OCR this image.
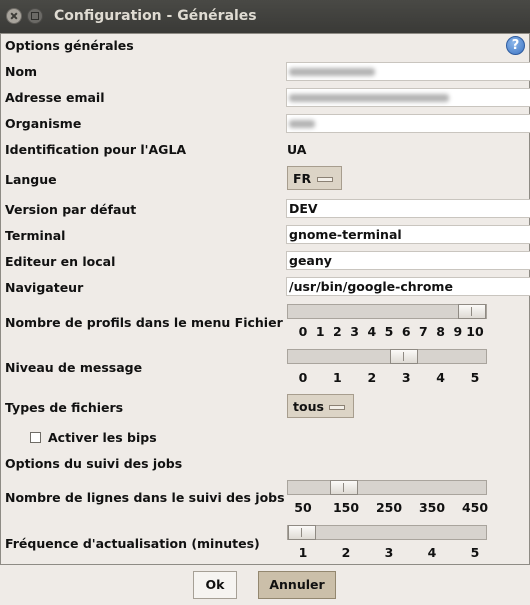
Configuration - Générales
Options générales	?
Nom
Adresse email
Organisme
Identification pour l'AGLA	UA
Langue	FR
Version par défaut	DEV
Terminal	gnome-terminal
Editeur en local	geany
Navigateur	/usr/bin/google-chrome
Nombre de profils dans le menu Fichier
0 1 2 3 4 5 6 7 8 9 10
Niveau de message
0 1 2 3 4 5
Types de fichiers	tous
Activer les bips
Options du suivi des jobs
Nombre de lignes dans le suivi des jobs
50 150 250 350 450
Fréquence d'actualisation (minutes)
1	2	3	4	5
Ok	Annuler
